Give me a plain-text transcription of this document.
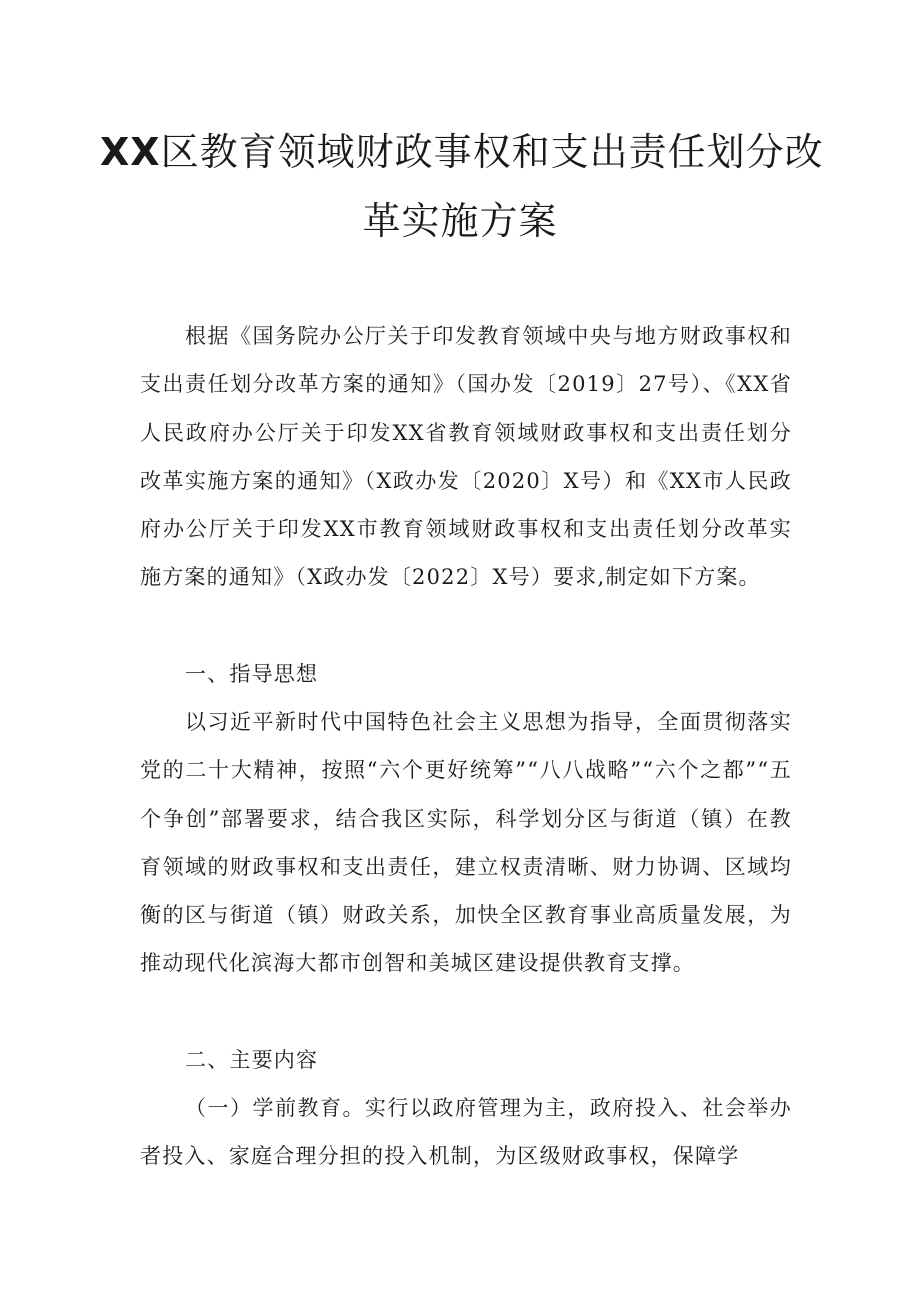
XX区教育领域财政事权和支出责任划分改
革实施方案

根据《国务院办公厅关于印发教育领域中央与地方财政事权和支出责任划分改革方案的通知》（国办发〔2019〕27号）、《XX省人民政府办公厅关于印发XX省教育领域财政事权和支出责任划分改革实施方案的通知》（X政办发〔2020〕X号）和《XX市人民政府办公厅关于印发XX市教育领域财政事权和支出责任划分改革实施方案的通知》（X政办发〔2022〕X号）要求,制定如下方案。

一、指导思想

以习近平新时代中国特色社会主义思想为指导，全面贯彻落实党的二十大精神，按照“六个更好统筹”“八八战略”“六个之都”“五个争创”部署要求，结合我区实际，科学划分区与街道（镇）在教育领域的财政事权和支出责任，建立权责清晰、财力协调、区域均衡的区与街道（镇）财政关系，加快全区教育事业高质量发展，为推动现代化滨海大都市创智和美城区建设提供教育支撑。

二、主要内容

（一）学前教育。实行以政府管理为主，政府投入、社会举办者投入、家庭合理分担的投入机制，为区级财政事权，保障学
